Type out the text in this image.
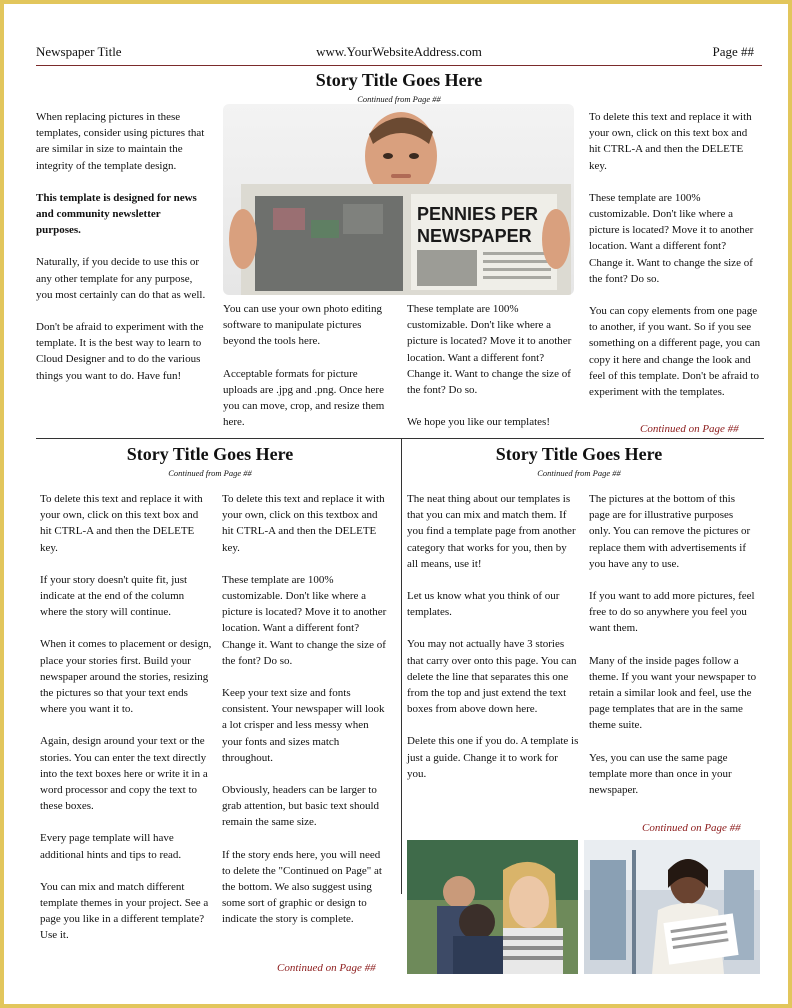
Newspaper Title	www.YourWebsiteAddress.com	Page ##
Story Title Goes Here
Continued from Page ##

When replacing pictures in these templates, consider using pictures that are similar in size to maintain the integrity of the template design.

This template is designed for news and community newsletter purposes.

Naturally, if you decide to use this or any other template for any purpose, you most certainly can do that as well.

Don't be afraid to experiment with the template. It is the best way to learn to Cloud Designer and to do the various things you want to do. Have fun!

PENNIES PER
NEWSPAPER

You can use your own photo editing software to manipulate pictures beyond the tools here.

Acceptable formats for picture uploads are .jpg and .png. Once here you can move, crop, and resize them here.

These template are 100% customizable. Don't like where a picture is located? Move it to another location. Want a different font? Change it. Want to change the size of the font? Do so.

We hope you like our templates!

To delete this text and replace it with your own, click on this text box and hit CTRL-A and then the DELETE key.

These template are 100% customizable. Don't like where a picture is located? Move it to another location. Want a different font? Change it. Want to change the size of the font? Do so.

You can copy elements from one page to another, if you want. So if you see something on a different page, you can copy it here and change the look and feel of this template. Don't be afraid to experiment with the templates.

Continued on Page ##
Story Title Goes Here
Continued from Page ##

To delete this text and replace it with your own, click on this text box and hit CTRL-A and then the DELETE key.

If your story doesn't quite fit, just indicate at the end of the column where the story will continue.

When it comes to placement or design, place your stories first. Build your newspaper around the stories, resizing the pictures so that your text ends where you want it to.

Again, design around your text or the stories. You can enter the text directly into the text boxes here or write it in a word processor and copy the text to these boxes.

Every page template will have additional hints and tips to read.

You can mix and match different template themes in your project. See a page you like in a different template? Use it.

To delete this text and replace it with your own, click on this textbox and hit CTRL-A and then the DELETE key.

These template are 100% customizable. Don't like where a picture is located? Move it to another location. Want a different font? Change it. Want to change the size of the font? Do so.

Keep your text size and fonts consistent. Your newspaper will look a lot crisper and less messy when your fonts and sizes match throughout.

Obviously, headers can be larger to grab attention, but basic text should remain the same size.

If the story ends here, you will need to delete the "Continued on Page" at the bottom. We also suggest using some sort of graphic or design to indicate the story is complete.

Continued on Page ##
Story Title Goes Here
Continued from Page ##

The neat thing about our templates is that you can mix and match them. If you find a template page from another category that works for you, then by all means, use it!

Let us know what you think of our templates.

You may not actually have 3 stories that carry over onto this page. You can delete the line that separates this one from the top and just extend the text boxes from above down here.

Delete this one if you do. A template is just a guide. Change it to work for you.

The pictures at the bottom of this page are for illustrative purposes only. You can remove the pictures or replace them with advertisements if you have any to use.

If you want to add more pictures, feel free to do so anywhere you feel you want them.

Many of the inside pages follow a theme. If you want your newspaper to retain a similar look and feel, use the page templates that are in the same theme suite.

Yes, you can use the same page template more than once in your newspaper.

Continued on Page ##
